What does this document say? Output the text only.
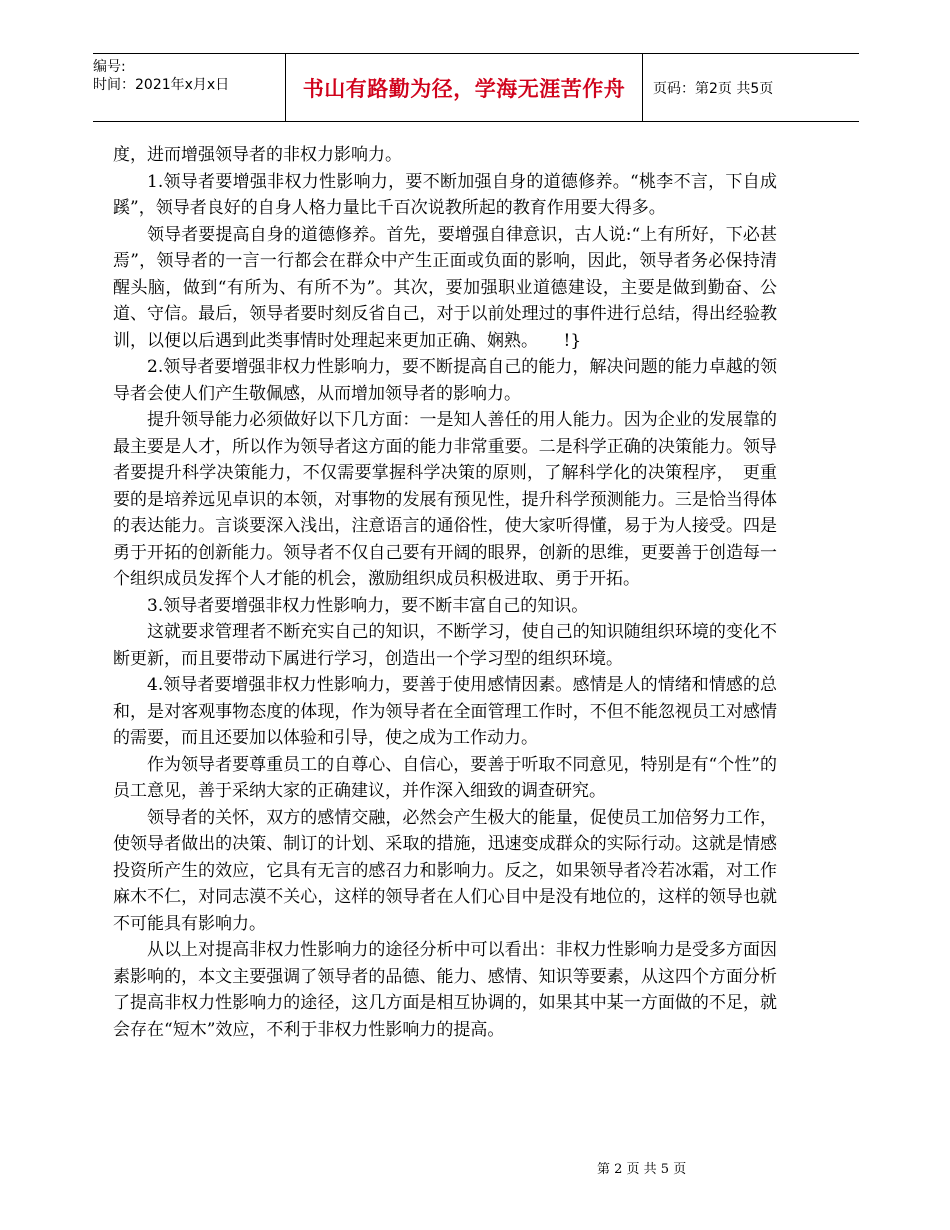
编号:
时间：2021年x月x日	书山有路勤为径，学海无涯苦作舟	页码：第2页 共5页

度，进而增强领导者的非权力影响力。

1.领导者要增强非权力性影响力，要不断加强自身的道德修养。“桃李不言，下自成蹊”，领导者良好的自身人格力量比千百次说教所起的教育作用要大得多。

领导者要提高自身的道德修养。首先，要增强自律意识，古人说:“上有所好，下必甚焉”，领导者的一言一行都会在群众中产生正面或负面的影响，因此，领导者务必保持清醒头脑，做到“有所为、有所不为”。其次，要加强职业道德建设，主要是做到勤奋、公道、守信。最后，领导者要时刻反省自己，对于以前处理过的事件进行总结，得出经验教训，以便以后遇到此类事情时处理起来更加正确、娴熟。　　!}

2.领导者要增强非权力性影响力，要不断提高自己的能力，解决问题的能力卓越的领导者会使人们产生敬佩感，从而增加领导者的影响力。

提升领导能力必须做好以下几方面：一是知人善任的用人能力。因为企业的发展靠的最主要是人才，所以作为领导者这方面的能力非常重要。二是科学正确的决策能力。领导者要提升科学决策能力，不仅需要掌握科学决策的原则，了解科学化的决策程序，　更重要的是培养远见卓识的本领，对事物的发展有预见性，提升科学预测能力。三是恰当得体的表达能力。言谈要深入浅出，注意语言的通俗性，使大家听得懂，易于为人接受。四是勇于开拓的创新能力。领导者不仅自己要有开阔的眼界，创新的思维，更要善于创造每一个组织成员发挥个人才能的机会，激励组织成员积极进取、勇于开拓。

3.领导者要增强非权力性影响力，要不断丰富自己的知识。

这就要求管理者不断充实自己的知识，不断学习，使自己的知识随组织环境的变化不断更新，而且要带动下属进行学习，创造出一个学习型的组织环境。

4.领导者要增强非权力性影响力，要善于使用感情因素。感情是人的情绪和情感的总和，是对客观事物态度的体现，作为领导者在全面管理工作时，不但不能忽视员工对感情的需要，而且还要加以体验和引导，使之成为工作动力。

作为领导者要尊重员工的自尊心、自信心，要善于听取不同意见，特别是有“个性”的员工意见，善于采纳大家的正确建议，并作深入细致的调查研究。

领导者的关怀，双方的感情交融，必然会产生极大的能量，促使员工加倍努力工作，使领导者做出的决策、制订的计划、采取的措施，迅速变成群众的实际行动。这就是情感投资所产生的效应，它具有无言的感召力和影响力。反之，如果领导者冷若冰霜，对工作麻木不仁，对同志漠不关心，这样的领导者在人们心目中是没有地位的，这样的领导也就不可能具有影响力。

从以上对提高非权力性影响力的途径分析中可以看出：非权力性影响力是受多方面因素影响的，本文主要强调了领导者的品德、能力、感情、知识等要素，从这四个方面分析了提高非权力性影响力的途径，这几方面是相互协调的，如果其中某一方面做的不足，就会存在“短木”效应，不利于非权力性影响力的提高。

第 2 页 共 5 页
